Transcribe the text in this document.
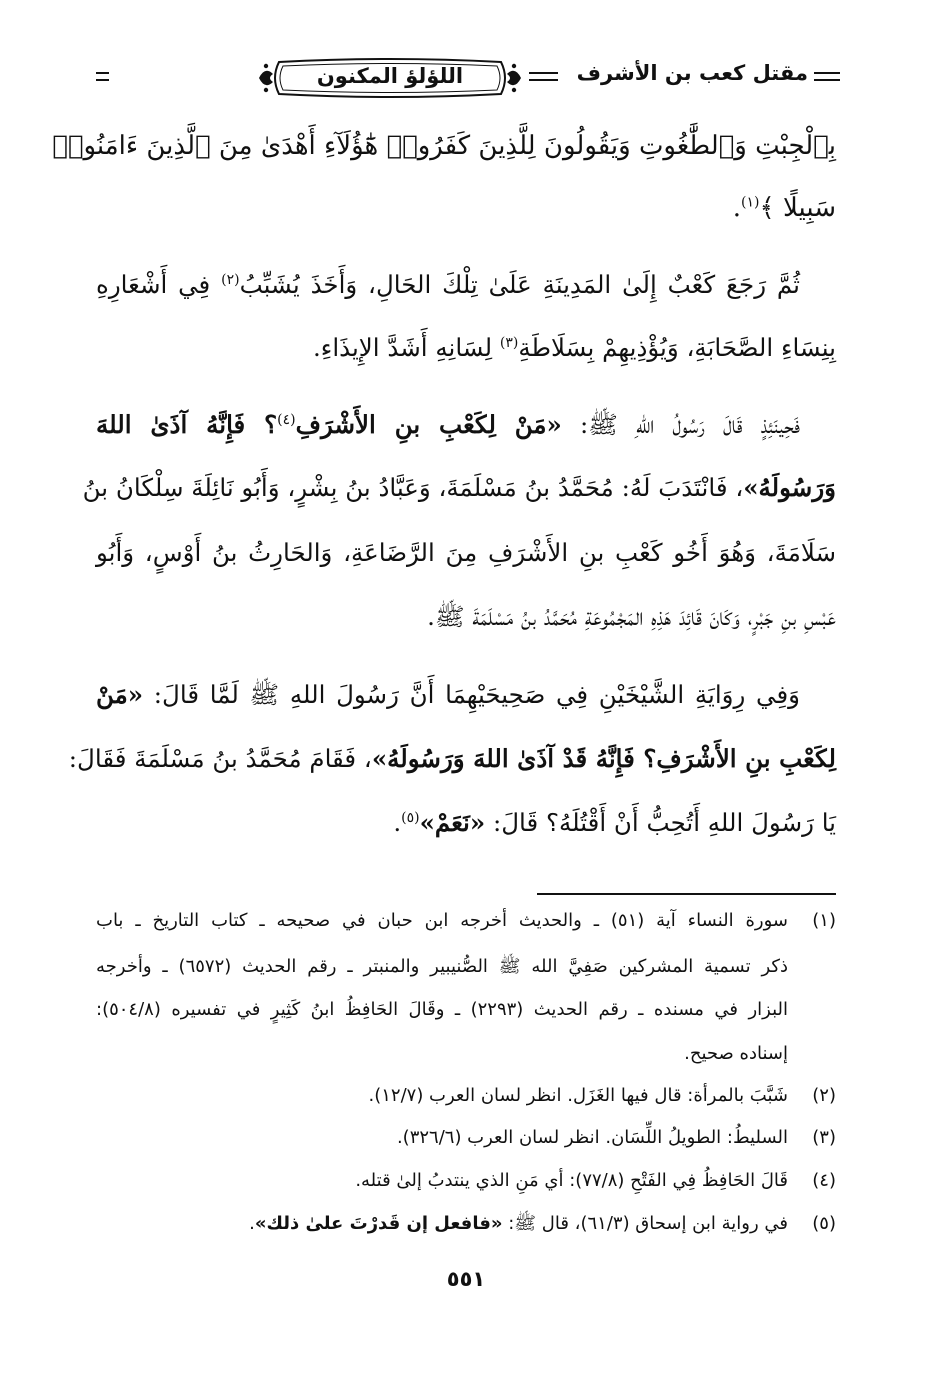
مقتل كعب بن الأشرف
اللؤلؤ المكنون
بِٱلْجِبْتِ وَٱلطَّٰغُوتِ وَيَقُولُونَ لِلَّذِينَ كَفَرُوا۟ هَٰٓؤُلَآءِ أَهْدَىٰ مِنَ ٱلَّذِينَ ءَامَنُوا۟
سَبِيلًا ﴾$^{(١)}$.
ثُمَّ رَجَعَ كَعْبٌ إِلَىٰ المَدِينَةِ عَلَىٰ تِلْكَ الحَالِ، وَأَخَذَ يُشَبِّبُ$^{(٢)}$ فِي أَشْعَارِهِ
بِنِسَاءِ الصَّحَابَةِ، وَيُؤْذِيهِمْ بِسَلَاطَةِ$^{(٣)}$ لِسَانِهِ أَشَدَّ الإِيذَاءِ.
فَحِينَئِذٍ قَالَ رَسُولُ اللهِ ﷺ: «مَنْ لِكَعْبِ بنِ الأَشْرَفِ$^{(٤)}$؟ فَإِنَّهُ آذَىٰ اللهَ
وَرَسُولَهُ»، فَانْتَدَبَ لَهُ: مُحَمَّدُ بنُ مَسْلَمَةَ، وَعَبَّادُ بنُ بِشْرٍ، وَأَبُو نَائِلَةَ سِلْكَانُ بنُ
سَلَامَةَ، وَهُوَ أَخُو كَعْبِ بنِ الأَشْرَفِ مِنَ الرَّضَاعَةِ، وَالحَارِثُ بنُ أَوْسٍ، وَأَبُو
عَبْسِ بنِ جَبْرٍ، وَكَانَ قَائِدَ هَذِهِ المَجْمُوعَةِ مُحَمَّدُ بنُ مَسْلَمَةَ ﷺ.
وَفِي رِوَايَةِ الشَّيْخَيْنِ فِي صَحِيحَيْهِمَا أَنَّ رَسُولَ اللهِ ﷺ لَمَّا قَالَ: «مَنْ
لِكَعْبِ بنِ الأَشْرَفِ؟ فَإِنَّهُ قَدْ آذَىٰ اللهَ وَرَسُولَهُ»، فَقَامَ مُحَمَّدُ بنُ مَسْلَمَةَ فَقَالَ:
يَا رَسُولَ اللهِ أَتُحِبُّ أَنْ أَقْتُلَهُ؟ قَالَ: «نَعَمْ»$^{(٥)}$.
(١)سورة النساء آية (٥١) ـ والحديث أخرجه ابن حبان في صحيحه ـ كتاب التاريخ ـ باب
ذكر تسمية المشركين صَفِيَّ الله ﷺ الصُّنيبير والمنبتر ـ رقم الحديث (٦٥٧٢) ـ وأخرجه
البزار في مسنده ـ رقم الحديث (٢٢٩٣) ـ وقَالَ الحَافِظُ ابنُ كَثِيرٍ في تفسيره (٥٠٤/٨):
إسناده صحيح.
(٢)شَبَّبَ بالمرأة: قال فيها الغَزَل. انظر لسان العرب (١٢/٧).
(٣)السليطُ: الطويلُ اللِّسَان. انظر لسان العرب (٣٢٦/٦).
(٤)قَالَ الحَافِظُ فِي الفَتْحِ (٧٧/٨): أي مَنِ الذي ينتدبُ إلىٰ قتله.
(٥)في رواية ابن إسحاق (٦١/٣)، قال ﷺ: «فافعل إن قَدرْتَ علىٰ ذلك».
٥٥١
